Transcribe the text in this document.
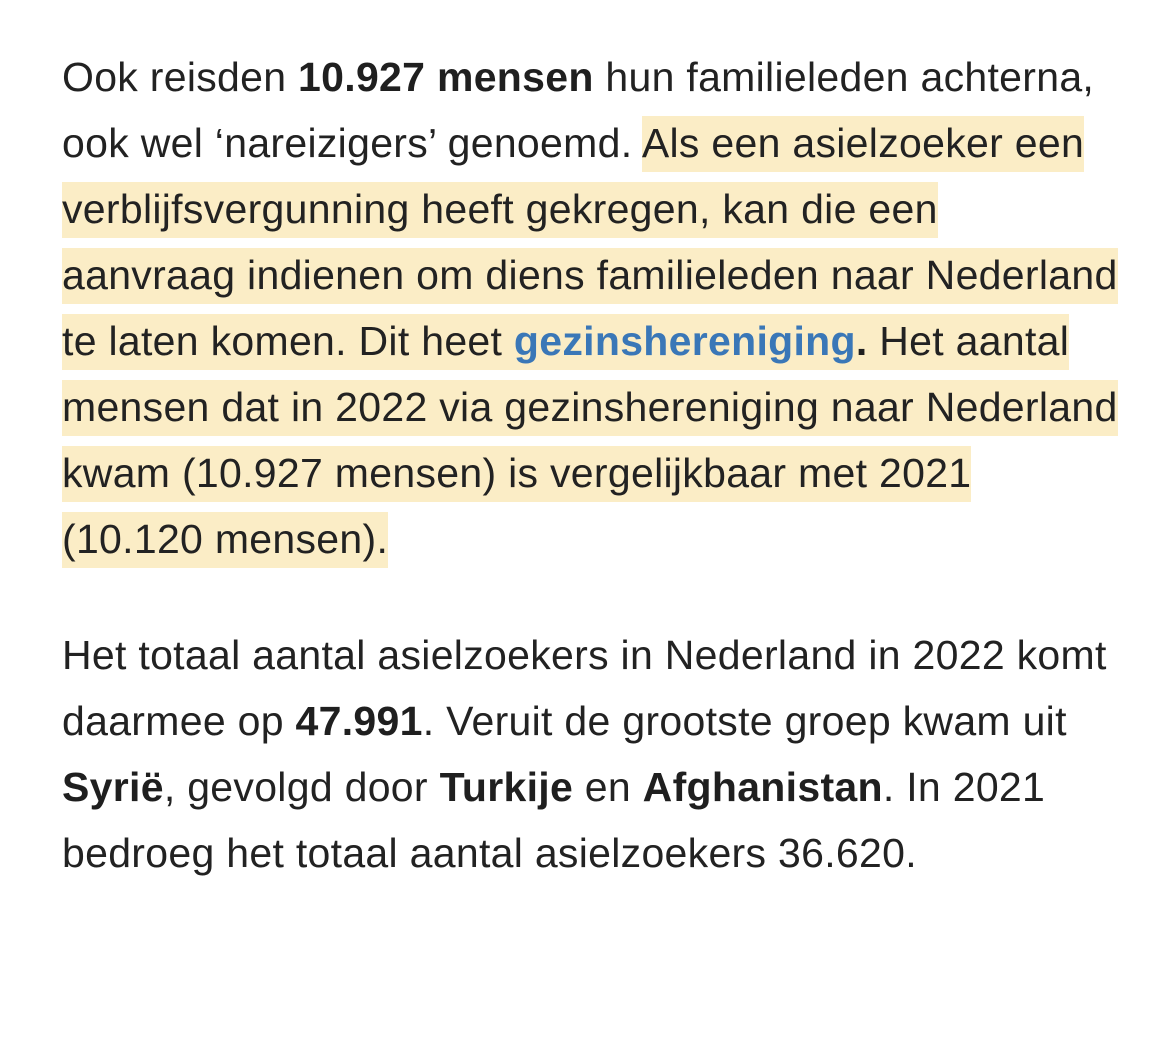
Ook reisden 10.927 mensen hun familieleden achterna, ook wel ‘nareizigers’ genoemd. Als een asielzoeker een verblijfsvergunning heeft gekregen, kan die een aanvraag indienen om diens familieleden naar Nederland te laten komen. Dit heet gezinshereniging. Het aantal mensen dat in 2022 via gezinshereniging naar Nederland kwam (10.927 mensen) is vergelijkbaar met 2021 (10.120 mensen).

Het totaal aantal asielzoekers in Nederland in 2022 komt daarmee op 47.991. Veruit de grootste groep kwam uit Syrië, gevolgd door Turkije en Afghanistan. In 2021 bedroeg het totaal aantal asielzoekers 36.620.
